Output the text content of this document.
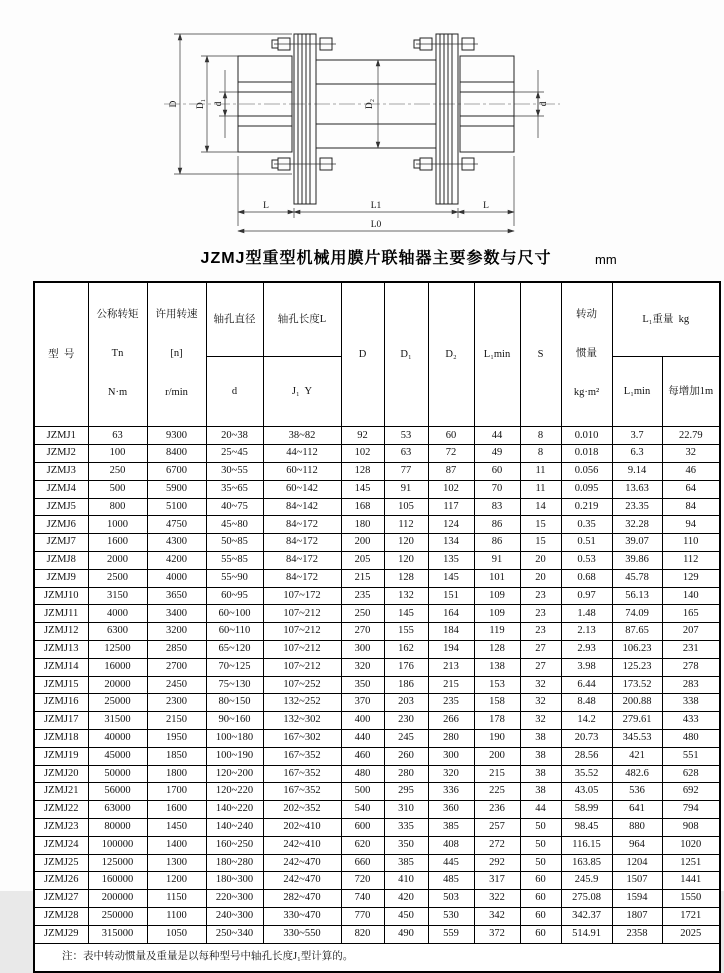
D D₁ d	D₂	d
L	L1	L
L0
JZMJ型重型机械用膜片联轴器主要参数与尺寸	mm
型  号	

公称转矩

Tn

N·m

许用转速

[n]

r/min

	轴孔直径	轴孔长度L	D	D₁	D₂	L₁min	S	

转动

惯量

kg·m²

	L₁重量  kg
			d	J₁  Y							L₁min	每增加1m
JZMJ1	63	9300	20~38	38~82	92	53	60	44	8	0.010	3.7	22.79
JZMJ2	100	8400	25~45	44~112	102	63	72	49	8	0.018	6.3	32
JZMJ3	250	6700	30~55	60~112	128	77	87	60	11	0.056	9.14	46
JZMJ4	500	5900	35~65	60~142	145	91	102	70	11	0.095	13.63	64
JZMJ5	800	5100	40~75	84~142	168	105	117	83	14	0.219	23.35	84
JZMJ6	1000	4750	45~80	84~172	180	112	124	86	15	0.35	32.28	94
JZMJ7	1600	4300	50~85	84~172	200	120	134	86	15	0.51	39.07	110
JZMJ8	2000	4200	55~85	84~172	205	120	135	91	20	0.53	39.86	112
JZMJ9	2500	4000	55~90	84~172	215	128	145	101	20	0.68	45.78	129
JZMJ10	3150	3650	60~95	107~172	235	132	151	109	23	0.97	56.13	140
JZMJ11	4000	3400	60~100	107~212	250	145	164	109	23	1.48	74.09	165
JZMJ12	6300	3200	60~110	107~212	270	155	184	119	23	2.13	87.65	207
JZMJ13	12500	2850	65~120	107~212	300	162	194	128	27	2.93	106.23	231
JZMJ14	16000	2700	70~125	107~212	320	176	213	138	27	3.98	125.23	278
JZMJ15	20000	2450	75~130	107~252	350	186	215	153	32	6.44	173.52	283
JZMJ16	25000	2300	80~150	132~252	370	203	235	158	32	8.48	200.88	338
JZMJ17	31500	2150	90~160	132~302	400	230	266	178	32	14.2	279.61	433
JZMJ18	40000	1950	100~180	167~302	440	245	280	190	38	20.73	345.53	480
JZMJ19	45000	1850	100~190	167~352	460	260	300	200	38	28.56	421	551
JZMJ20	50000	1800	120~200	167~352	480	280	320	215	38	35.52	482.6	628
JZMJ21	56000	1700	120~220	167~352	500	295	336	225	38	43.05	536	692
JZMJ22	63000	1600	140~220	202~352	540	310	360	236	44	58.99	641	794
JZMJ23	80000	1450	140~240	202~410	600	335	385	257	50	98.45	880	908
JZMJ24	100000	1400	160~250	242~410	620	350	408	272	50	116.15	964	1020
JZMJ25	125000	1300	180~280	242~470	660	385	445	292	50	163.85	1204	1251
JZMJ26	160000	1200	180~300	242~470	720	410	485	317	60	245.9	1507	1441
JZMJ27	200000	1150	220~300	282~470	740	420	503	322	60	275.08	1594	1550
JZMJ28	250000	1100	240~300	330~470	770	450	530	342	60	342.37	1807	1721
JZMJ29	315000	1050	250~340	330~550	820	490	559	372	60	514.91	2358	2025
注：表中转动惯量及重量是以每种型号中轴孔长度J₁型计算的。												
